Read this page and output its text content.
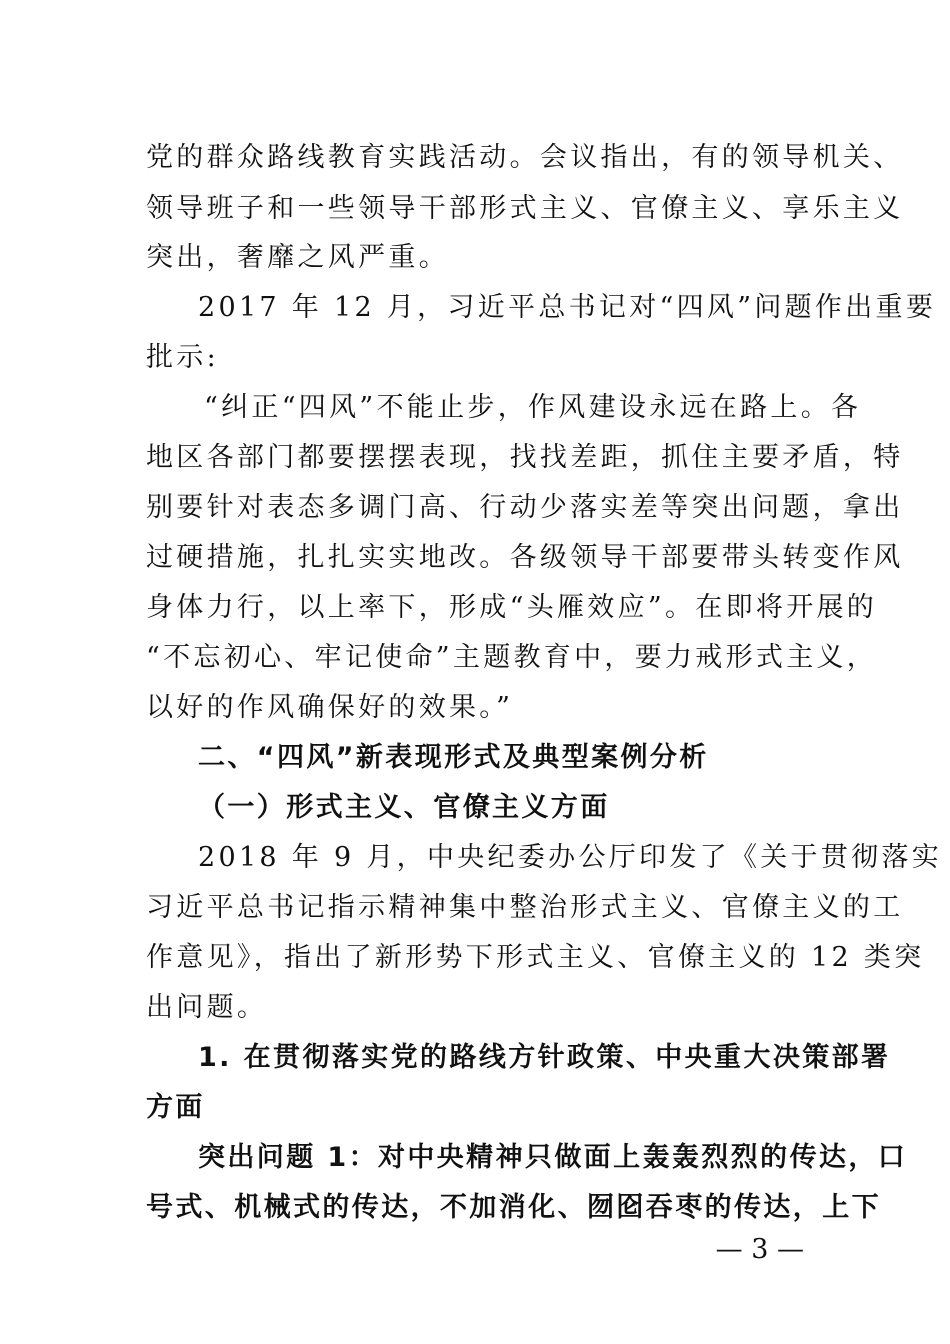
党的群众路线教育实践活动。会议指出，有的领导机关、
领导班子和一些领导干部形式主义、官僚主义、享乐主义
突出，奢靡之风严重。
2017 年 12 月，习近平总书记对“四风”问题作出重要
批示:
“纠正“四风”不能止步，作风建设永远在路上。各
地区各部门都要摆摆表现，找找差距，抓住主要矛盾，特
别要针对表态多调门高、行动少落实差等突出问题，拿出
过硬措施，扎扎实实地改。各级领导干部要带头转变作风
身体力行，以上率下，形成“头雁效应”。在即将开展的
“不忘初心、牢记使命”主题教育中，要力戒形式主义，
以好的作风确保好的效果。”
二、“四风”新表现形式及典型案例分析
（一）形式主义、官僚主义方面
2018 年 9 月，中央纪委办公厅印发了《关于贯彻落实
习近平总书记指示精神集中整治形式主义、官僚主义的工
作意见》，指出了新形势下形式主义、官僚主义的 12 类突
出问题。
1. 在贯彻落实党的路线方针政策、中央重大决策部署
方面
突出问题 1：对中央精神只做面上轰轰烈烈的传达，口
号式、机械式的传达，不加消化、囫囵吞枣的传达，上下
— 3 —
